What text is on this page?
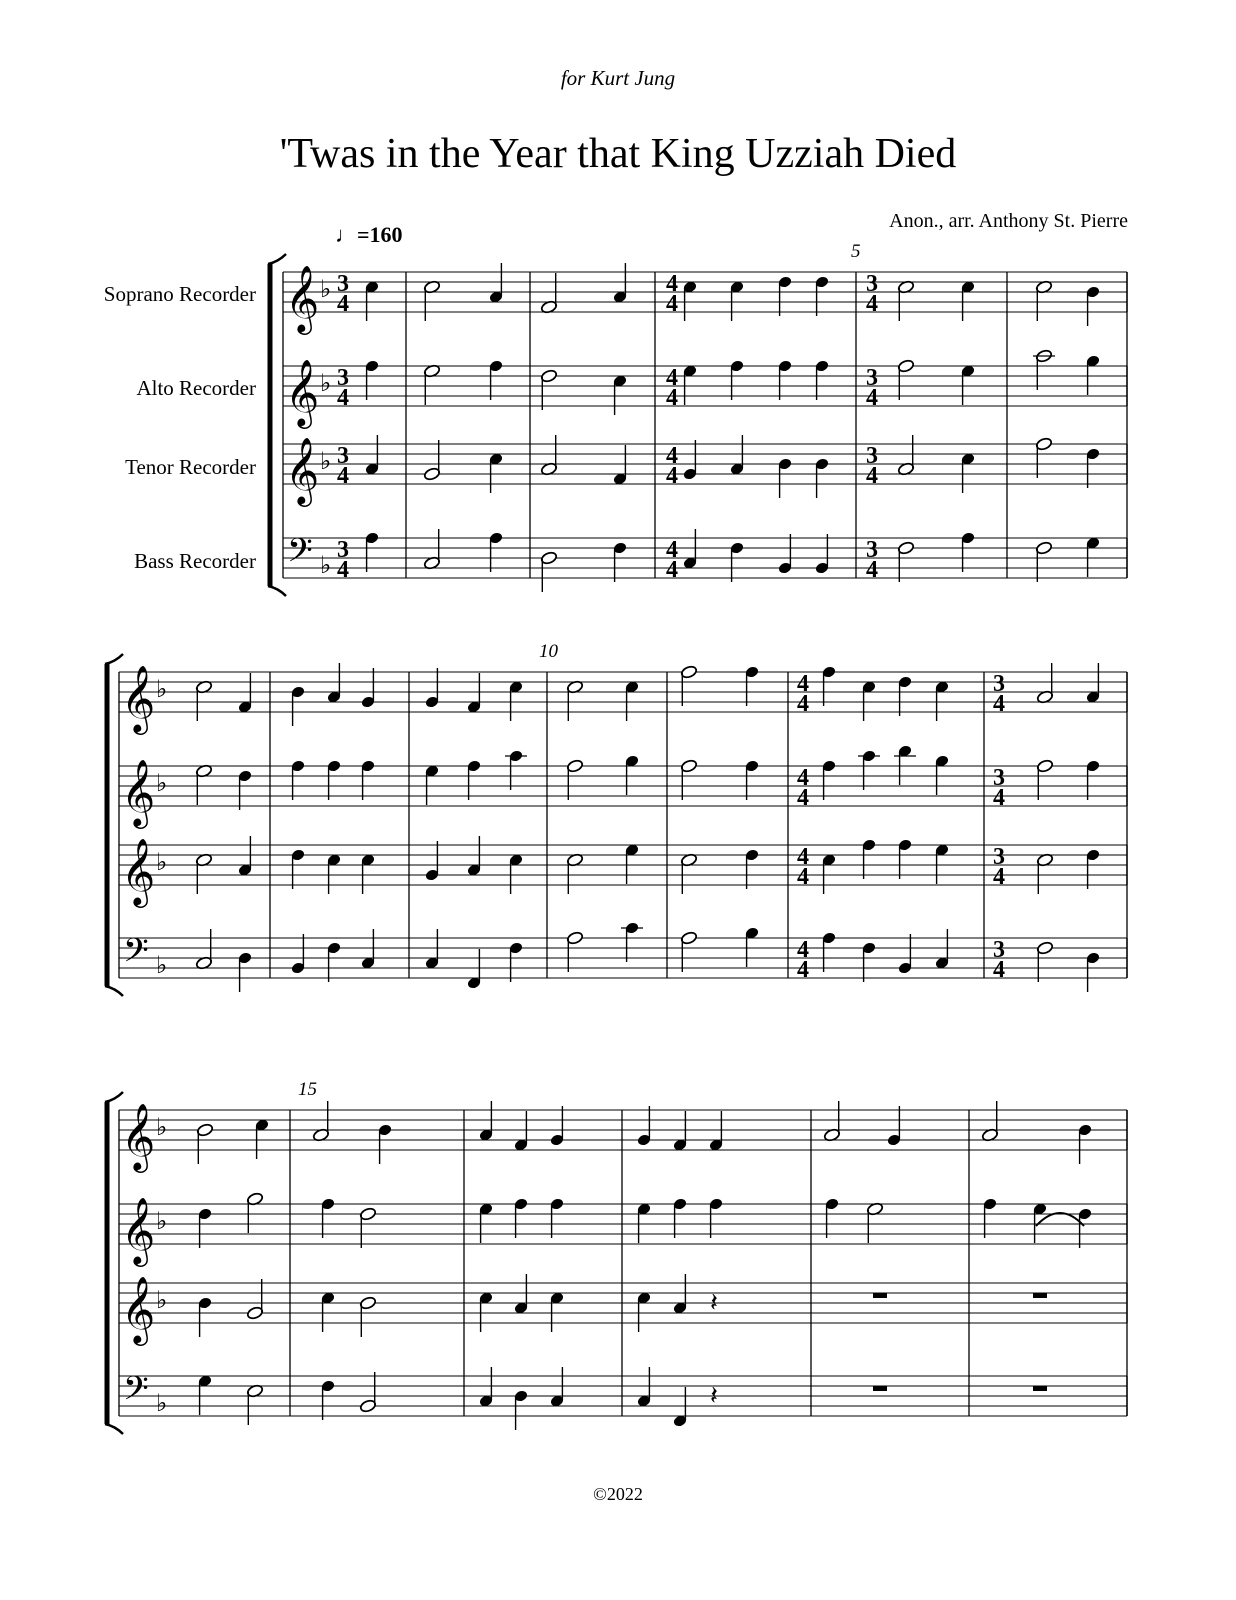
for Kurt Jung
'Twas in the Year that King Uzziah Died
Anon., arr. Anthony St. Pierre
♩=160
Soprano Recorder
Alto Recorder
Tenor Recorder
Bass Recorder
5
10
15
𝄞 ♭ 3
4
4
4
3
4
𝄞 ♭ 3
4
4
4
3
4
𝄞 ♭ 3
4
4
4
3
4
𝄢 ♭
3
4
4
4
3
4
𝄞 ♭	4
4
3
4
𝄞 ♭	4
4
3
4
𝄞 ♭	4
4
3
4
𝄢 ♭
4
4
3
4
𝄞 ♭
𝄞 ♭
𝄞 ♭	𝄽
𝄢 ♭	𝄽
©2022
